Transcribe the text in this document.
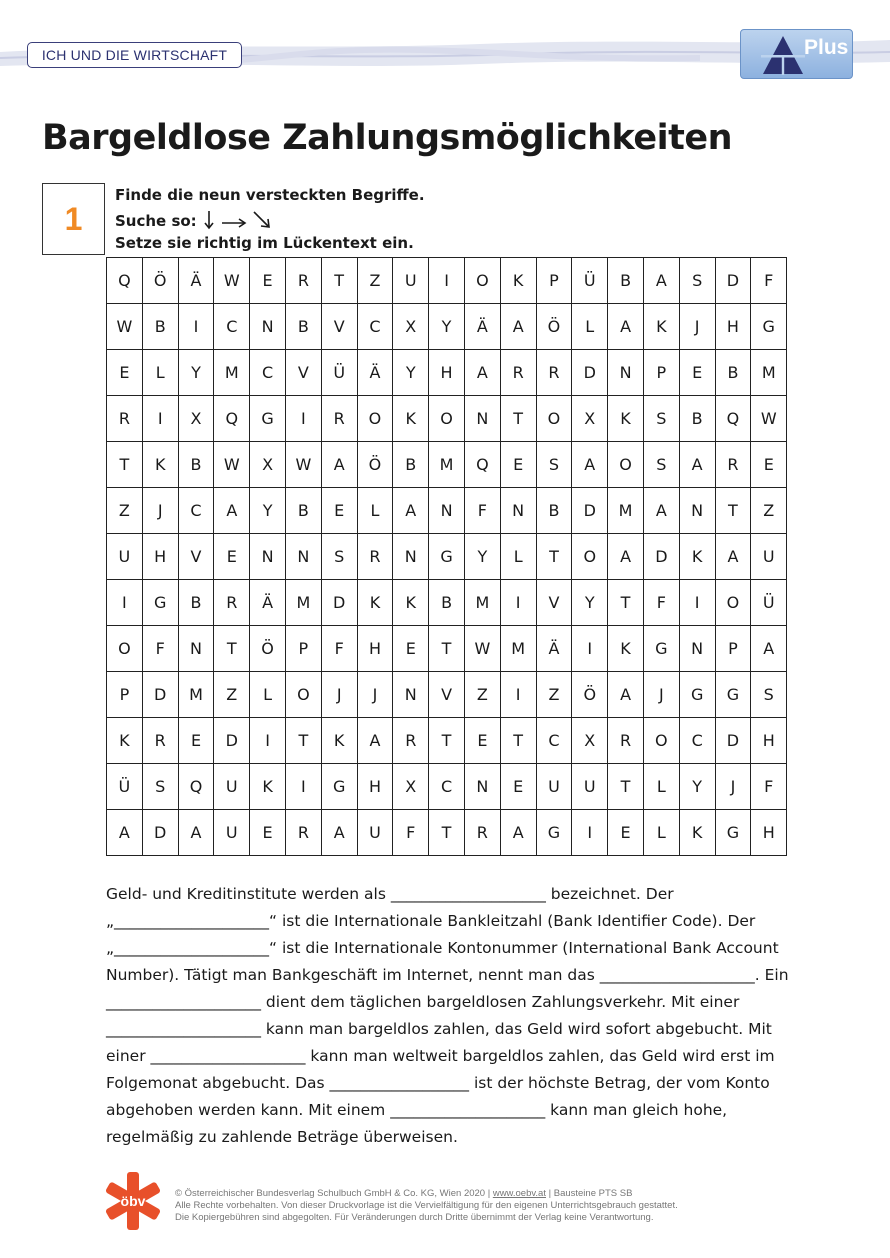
ICH UND DIE WIRTSCHAFT	Plus
Bargeldlose Zahlungsmöglichkeiten
1
Finde die neun versteckten Begriffe.
Suche so:
Setze sie richtig im Lückentext ein.
Q	Ö	Ä	W	E	R	T	Z	U	I	O	K	P	Ü	B	A	S	D	F
W	B	I	C	N	B	V	C	X	Y	Ä	A	Ö	L	A	K	J	H	G
E	L	Y	M	C	V	Ü	Ä	Y	H	A	R	R	D	N	P	E	B	M
R	I	X	Q	G	I	R	O	K	O	N	T	O	X	K	S	B	Q	W
T	K	B	W	X	W	A	Ö	B	M	Q	E	S	A	O	S	A	R	E
Z	J	C	A	Y	B	E	L	A	N	F	N	B	D	M	A	N	T	Z
U	H	V	E	N	N	S	R	N	G	Y	L	T	O	A	D	K	A	U
I	G	B	R	Ä	M	D	K	K	B	M	I	V	Y	T	F	I	O	Ü
O	F	N	T	Ö	P	F	H	E	T	W	M	Ä	I	K	G	N	P	A
P	D	M	Z	L	O	J	J	N	V	Z	I	Z	Ö	A	J	G	G	S
K	R	E	D	I	T	K	A	R	T	E	T	C	X	R	O	C	D	H
Ü	S	Q	U	K	I	G	H	X	C	N	E	U	U	T	L	Y	J	F
A	D	A	U	E	R	A	U	F	T	R	A	G	I	E	L	K	G	H
Geld- und Kreditinstitute werden als ____________________ bezeichnet. Der
„____________________“ ist die Internationale Bankleitzahl (Bank Identifier Code). Der
„____________________“ ist die Internationale Kontonummer (International Bank Account
Number). Tätigt man Bankgeschäft im Internet, nennt man das ____________________. Ein
____________________ dient dem täglichen bargeldlosen Zahlungsverkehr. Mit einer
____________________ kann man bargeldlos zahlen, das Geld wird sofort abgebucht. Mit
einer ____________________ kann man weltweit bargeldlos zahlen, das Geld wird erst im
Folgemonat abgebucht. Das __________________ ist der höchste Betrag, der vom Konto
abgehoben werden kann. Mit einem ____________________ kann man gleich hohe,
regelmäßig zu zahlende Beträge überweisen.
öbv	© Österreichischer Bundesverlag Schulbuch GmbH & Co. KG, Wien 2020 | www.oebv.at | Bausteine PTS SB
Alle Rechte vorbehalten. Von dieser Druckvorlage ist die Vervielfältigung für den eigenen Unterrichtsgebrauch gestattet.
Die Kopiergebühren sind abgegolten. Für Veränderungen durch Dritte übernimmt der Verlag keine Verantwortung.
